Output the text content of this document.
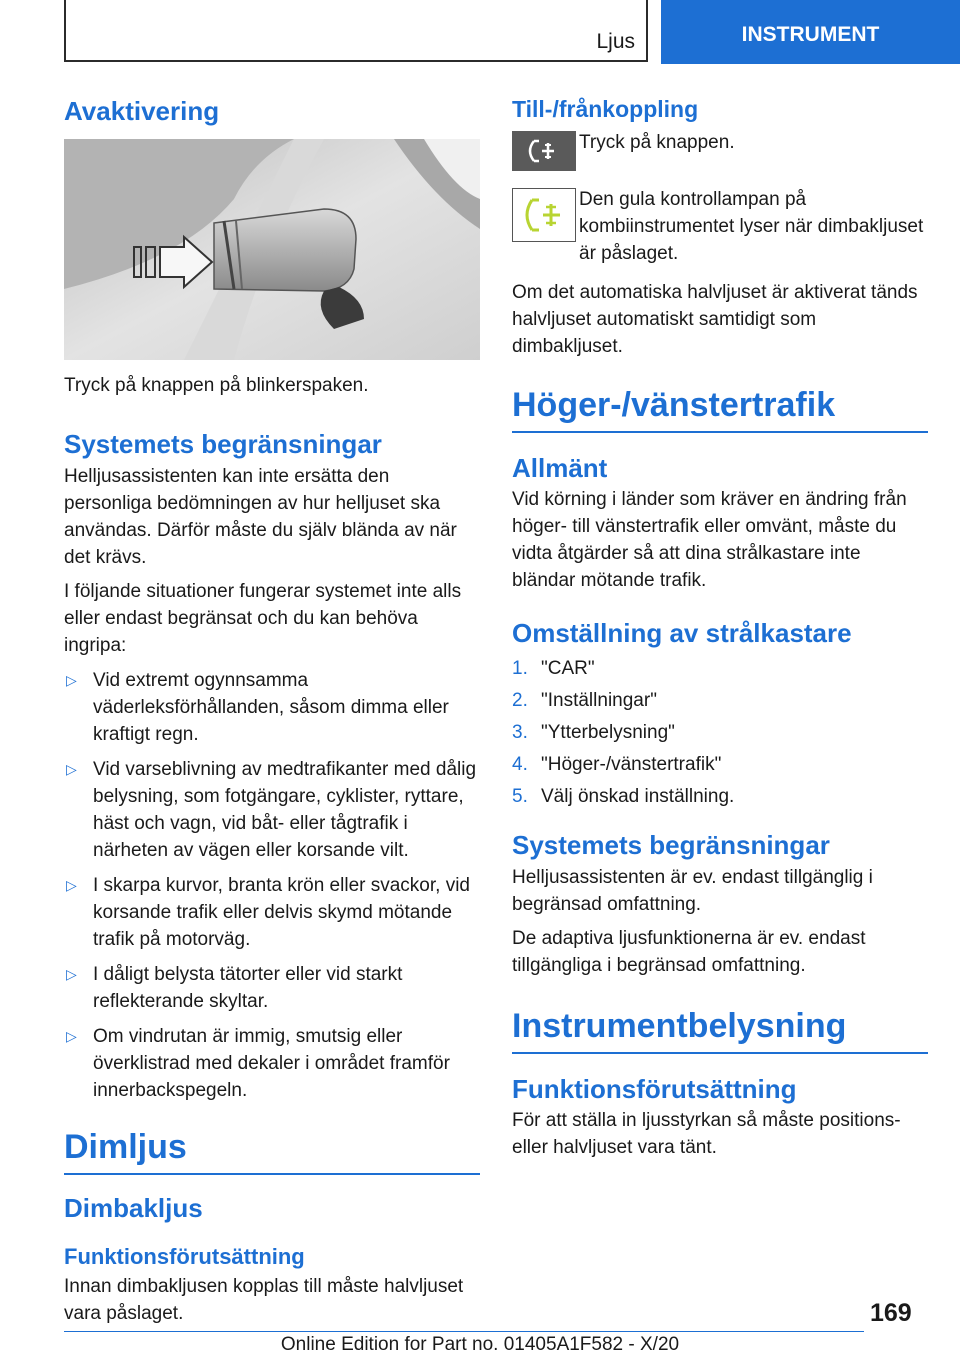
Ljus	INSTRUMENT
Avaktivering

Tryck på knappen på blinkerspaken.

Systemets begränsningar

Helljusassistenten kan inte ersätta den personliga bedömningen av hur helljuset ska användas. Därför måste du själv blända av när det krävs.

I följande situationer fungerar systemet inte alls eller endast begränsat och du kan behöva ingripa:

▷ Vid extremt ogynnsamma väderleksförhållanden, såsom dimma eller kraftigt regn.
▷ Vid varseblivning av medtrafikanter med dålig belysning, som fotgängare, cyklister, ryttare, häst och vagn, vid båt- eller tågtrafik i närheten av vägen eller korsande vilt.
▷ I skarpa kurvor, branta krön eller svackor, vid korsande trafik eller delvis skymd mötande trafik på motorväg.
▷ I dåligt belysta tätorter eller vid starkt reflekterande skyltar.
▷ Om vindrutan är immig, smutsig eller överklistrad med dekaler i området framför innerbackspegeln.
Dimljus
Dimbakljus
Funktionsförutsättning

Innan dimbakljusen kopplas till måste halvljuset vara påslaget.

Till-/frånkoppling

Tryck på knappen.

Den gula kontrollampan på kombiinstrumentet lyser när dimbakljuset är påslaget.

Om det automatiska halvljuset är aktiverat tänds halvljuset automatiskt samtidigt som dimbakljuset.

Höger-/vänstertrafik
Allmänt

Vid körning i länder som kräver en ändring från höger- till vänstertrafik eller omvänt, måste du vidta åtgärder så att dina strålkastare inte bländar mötande trafik.

Omställning av strålkastare
1. "CAR"
2. "Inställningar"
3. "Ytterbelysning"
4. "Höger-/vänstertrafik"
5. Välj önskad inställning.
Systemets begränsningar

Helljusassistenten är ev. endast tillgänglig i begränsad omfattning.

De adaptiva ljusfunktionerna är ev. endast tillgängliga i begränsad omfattning.

Instrumentbelysning
Funktionsförutsättning

För att ställa in ljusstyrkan så måste positions- eller halvljuset vara tänt.

169
Online Edition for Part no. 01405A1F582 - X/20
